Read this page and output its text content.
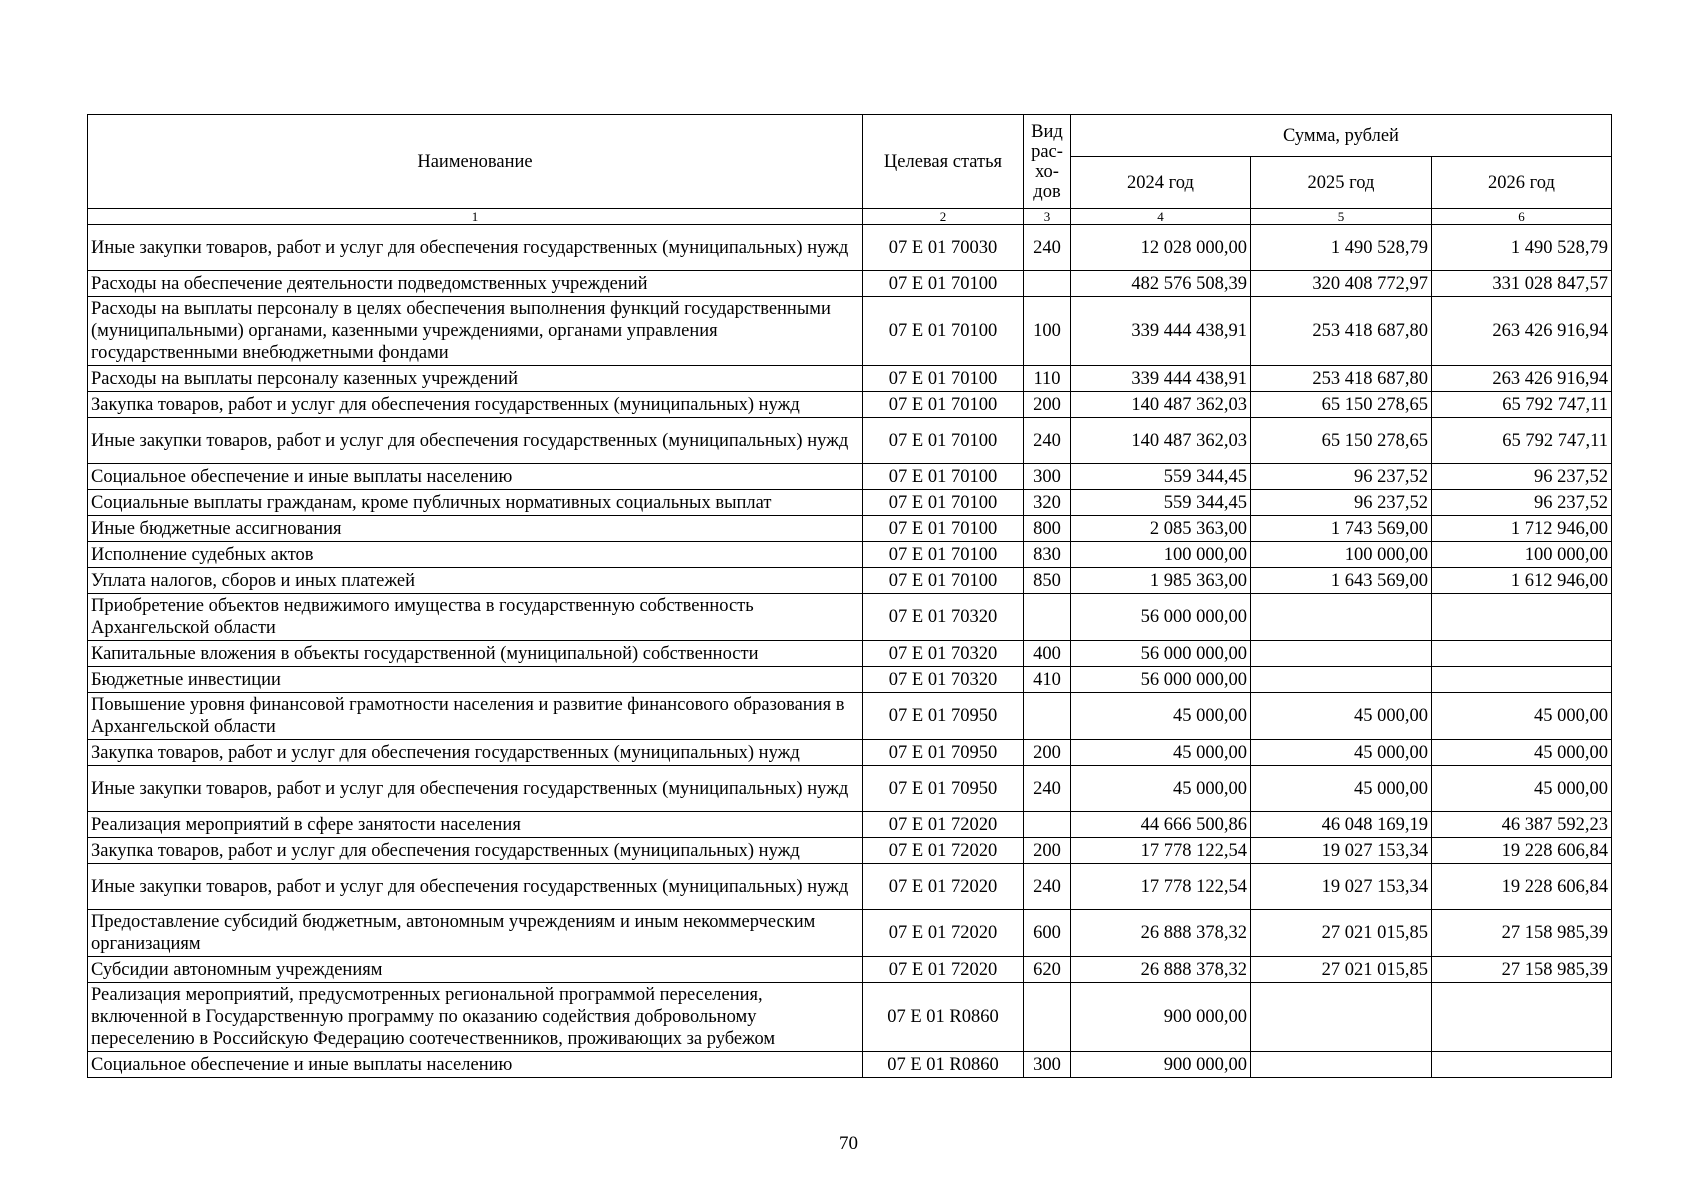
Наименование	Целевая статья	Вид
рас-
хо-
дов	Сумма, рублей		
			2024 год	2025 год	2026 год
1	2	3	4	5	6
Иные закупки товаров, работ и услуг для обеспечения государственных (муниципальных) нужд	07 Е 01 70030	240	12 028 000,00	1 490 528,79	1 490 528,79
Расходы на обеспечение деятельности подведомственных учреждений	07 Е 01 70100		482 576 508,39	320 408 772,97	331 028 847,57
Расходы на выплаты персоналу в целях обеспечения выполнения функций государственными (муниципальными) органами, казенными учреждениями, органами управления государственными внебюджетными фондами	07 Е 01 70100	100	339 444 438,91	253 418 687,80	263 426 916,94
Расходы на выплаты персоналу казенных учреждений	07 Е 01 70100	110	339 444 438,91	253 418 687,80	263 426 916,94
Закупка товаров, работ и услуг для обеспечения государственных (муниципальных) нужд	07 Е 01 70100	200	140 487 362,03	65 150 278,65	65 792 747,11
Иные закупки товаров, работ и услуг для обеспечения государственных (муниципальных) нужд	07 Е 01 70100	240	140 487 362,03	65 150 278,65	65 792 747,11
Социальное обеспечение и иные выплаты населению	07 Е 01 70100	300	559 344,45	96 237,52	96 237,52
Социальные выплаты гражданам, кроме публичных нормативных социальных выплат	07 Е 01 70100	320	559 344,45	96 237,52	96 237,52
Иные бюджетные ассигнования	07 Е 01 70100	800	2 085 363,00	1 743 569,00	1 712 946,00
Исполнение судебных актов	07 Е 01 70100	830	100 000,00	100 000,00	100 000,00
Уплата налогов, сборов и иных платежей	07 Е 01 70100	850	1 985 363,00	1 643 569,00	1 612 946,00
Приобретение объектов недвижимого имущества в государственную собственность Архангельской области	07 Е 01 70320		56 000 000,00		
Капитальные вложения в объекты государственной (муниципальной) собственности	07 Е 01 70320	400	56 000 000,00		
Бюджетные инвестиции	07 Е 01 70320	410	56 000 000,00		
Повышение уровня финансовой грамотности населения и развитие финансового образования в Архангельской области	07 Е 01 70950		45 000,00	45 000,00	45 000,00
Закупка товаров, работ и услуг для обеспечения государственных (муниципальных) нужд	07 Е 01 70950	200	45 000,00	45 000,00	45 000,00
Иные закупки товаров, работ и услуг для обеспечения государственных (муниципальных) нужд	07 Е 01 70950	240	45 000,00	45 000,00	45 000,00
Реализация мероприятий в сфере занятости населения	07 Е 01 72020		44 666 500,86	46 048 169,19	46 387 592,23
Закупка товаров, работ и услуг для обеспечения государственных (муниципальных) нужд	07 Е 01 72020	200	17 778 122,54	19 027 153,34	19 228 606,84
Иные закупки товаров, работ и услуг для обеспечения государственных (муниципальных) нужд	07 Е 01 72020	240	17 778 122,54	19 027 153,34	19 228 606,84
Предоставление субсидий бюджетным, автономным учреждениям и иным некоммерческим организациям	07 Е 01 72020	600	26 888 378,32	27 021 015,85	27 158 985,39
Субсидии автономным учреждениям	07 Е 01 72020	620	26 888 378,32	27 021 015,85	27 158 985,39
Реализация мероприятий, предусмотренных региональной программой переселения, включенной в Государственную программу по оказанию содействия добровольному переселению в Российскую Федерацию соотечественников, проживающих за рубежом	07 Е 01 R0860		900 000,00		
Социальное обеспечение и иные выплаты населению	07 Е 01 R0860	300	900 000,00		
70
